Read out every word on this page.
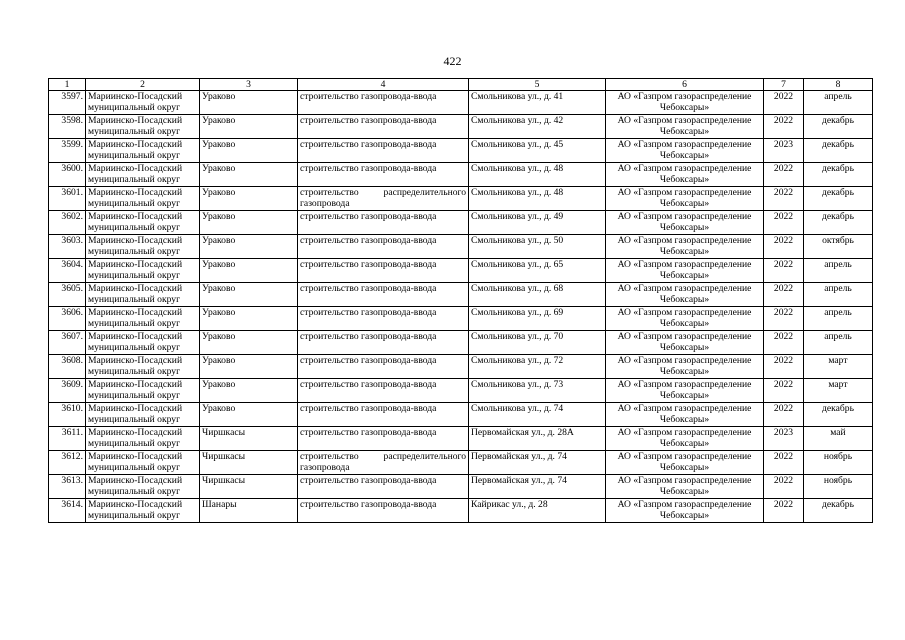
422
1	2	3	4	5	6	7	8
3597.	Мариинско-Посадский
муниципальный округ	Ураково	строительство газопровода-ввода	Смольникова ул., д. 41	АО «Газпром газораспределение
Чебоксары»	2022	апрель
3598.	Мариинско-Посадский
муниципальный округ	Ураково	строительство газопровода-ввода	Смольникова ул., д. 42	АО «Газпром газораспределение
Чебоксары»	2022	декабрь
3599.	Мариинско-Посадский
муниципальный округ	Ураково	строительство газопровода-ввода	Смольникова ул., д. 45	АО «Газпром газораспределение
Чебоксары»	2023	декабрь
3600.	Мариинско-Посадский
муниципальный округ	Ураково	строительство газопровода-ввода	Смольникова ул., д. 48	АО «Газпром газораспределение
Чебоксары»	2022	декабрь
3601.	Мариинско-Посадский
муниципальный округ	Ураково	строительство распределительного
газопровода	Смольникова ул., д. 48	АО «Газпром газораспределение
Чебоксары»	2022	декабрь
3602.	Мариинско-Посадский
муниципальный округ	Ураково	строительство газопровода-ввода	Смольникова ул., д. 49	АО «Газпром газораспределение
Чебоксары»	2022	декабрь
3603.	Мариинско-Посадский
муниципальный округ	Ураково	строительство газопровода-ввода	Смольникова ул., д. 50	АО «Газпром газораспределение
Чебоксары»	2022	октябрь
3604.	Мариинско-Посадский
муниципальный округ	Ураково	строительство газопровода-ввода	Смольникова ул., д. 65	АО «Газпром газораспределение
Чебоксары»	2022	апрель
3605.	Мариинско-Посадский
муниципальный округ	Ураково	строительство газопровода-ввода	Смольникова ул., д. 68	АО «Газпром газораспределение
Чебоксары»	2022	апрель
3606.	Мариинско-Посадский
муниципальный округ	Ураково	строительство газопровода-ввода	Смольникова ул., д. 69	АО «Газпром газораспределение
Чебоксары»	2022	апрель
3607.	Мариинско-Посадский
муниципальный округ	Ураково	строительство газопровода-ввода	Смольникова ул., д. 70	АО «Газпром газораспределение
Чебоксары»	2022	апрель
3608.	Мариинско-Посадский
муниципальный округ	Ураково	строительство газопровода-ввода	Смольникова ул., д. 72	АО «Газпром газораспределение
Чебоксары»	2022	март
3609.	Мариинско-Посадский
муниципальный округ	Ураково	строительство газопровода-ввода	Смольникова ул., д. 73	АО «Газпром газораспределение
Чебоксары»	2022	март
3610.	Мариинско-Посадский
муниципальный округ	Ураково	строительство газопровода-ввода	Смольникова ул., д. 74	АО «Газпром газораспределение
Чебоксары»	2022	декабрь
3611.	Мариинско-Посадский
муниципальный округ	Чиршкасы	строительство газопровода-ввода	Первомайская ул., д. 28А	АО «Газпром газораспределение
Чебоксары»	2023	май
3612.	Мариинско-Посадский
муниципальный округ	Чиршкасы	строительство распределительного
газопровода	Первомайская ул., д. 74	АО «Газпром газораспределение
Чебоксары»	2022	ноябрь
3613.	Мариинско-Посадский
муниципальный округ	Чиршкасы	строительство газопровода-ввода	Первомайская ул., д. 74	АО «Газпром газораспределение
Чебоксары»	2022	ноябрь
3614.	Мариинско-Посадский
муниципальный округ	Шанары	строительство газопровода-ввода	Кайрикас ул., д. 28	АО «Газпром газораспределение
Чебоксары»	2022	декабрь
